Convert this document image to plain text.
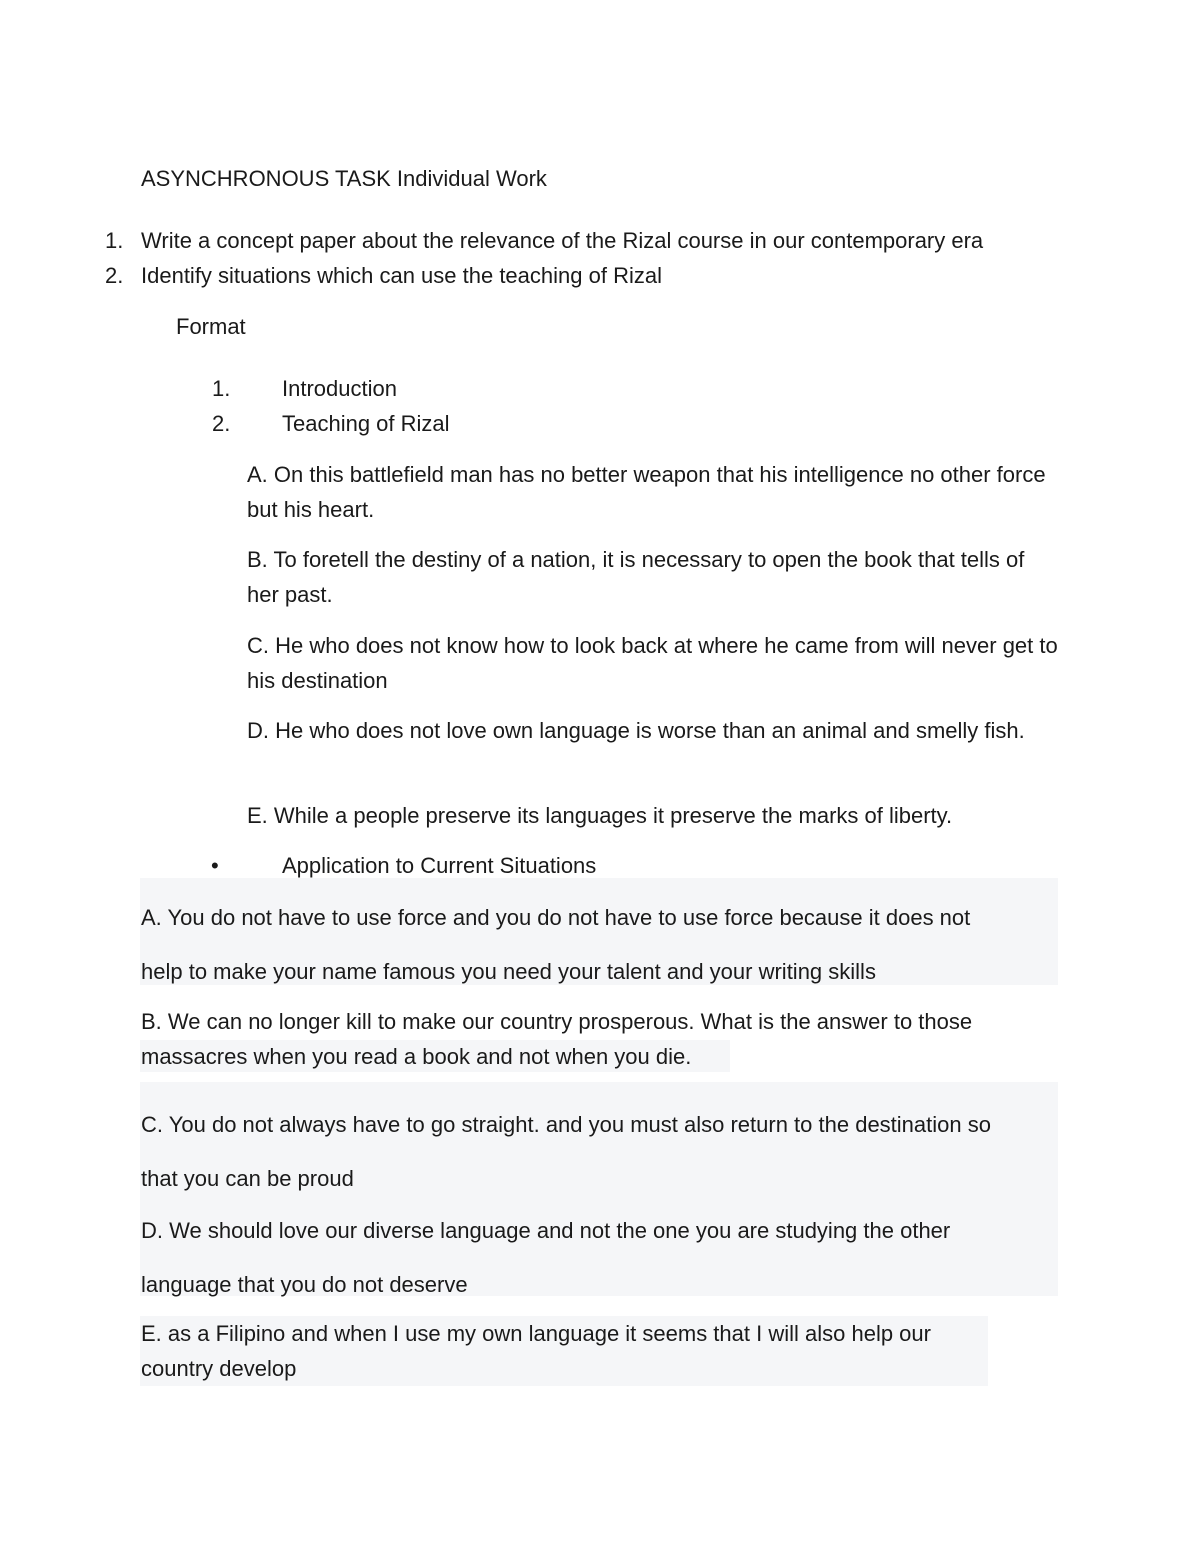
ASYNCHRONOUS TASK Individual Work
1. Write a concept paper about the relevance of the Rizal course in our contemporary era
2. Identify situations which can use the teaching of Rizal
Format
1. Introduction
2. Teaching of Rizal
A. On this battlefield man has no better weapon that his intelligence no other force but his heart.
B. To foretell the destiny of a nation, it is necessary to open the book that tells of her past.
C. He who does not know how to look back at where he came from will never get to his destination
D. He who does not love own language is worse than an animal and smelly fish.
E. While a people preserve its languages it preserve the marks of liberty.
•	Application to Current Situations
A. You do not have to use force and you do not have to use force because it does not
help to make your name famous you need your talent and your writing skills
B. We can no longer kill to make our country prosperous. What is the answer to those
massacres when you read a book and not when you die.
C. You do not always have to go straight. and you must also return to the destination so
that you can be proud
D. We should love our diverse language and not the one you are studying the other
language that you do not deserve
E. as a Filipino and when I use my own language it seems that I will also help our
country develop
